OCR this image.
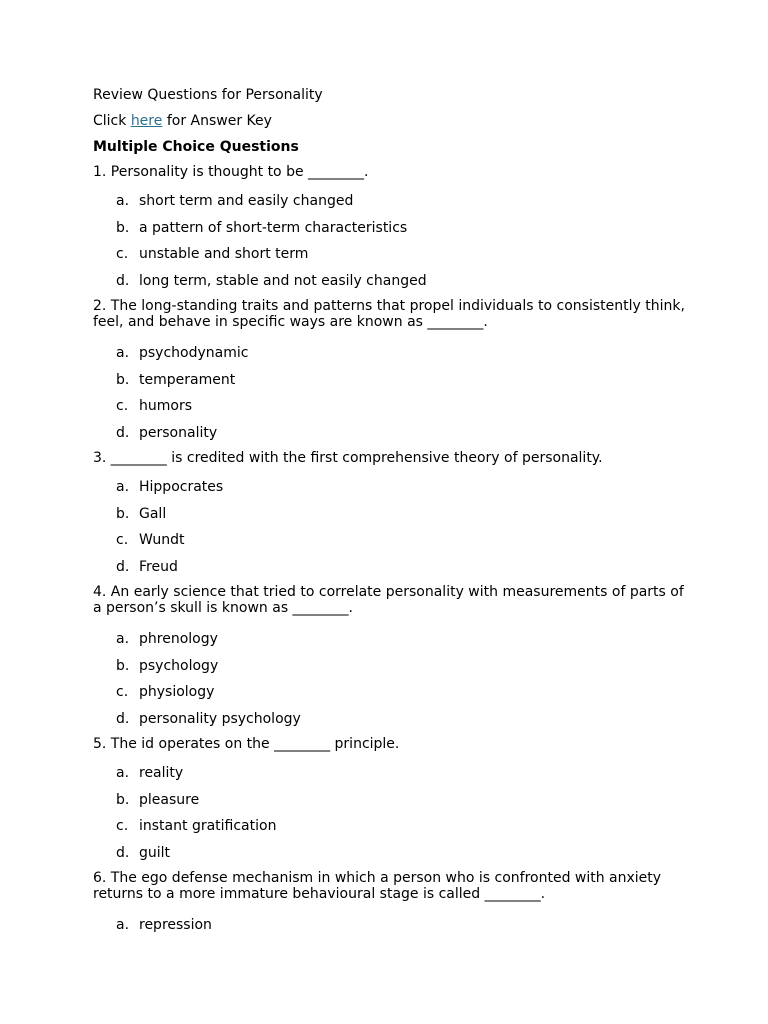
Review Questions for Personality
Click here for Answer Key
Multiple Choice Questions
1. Personality is thought to be ________.
a. short term and easily changed
b. a pattern of short-term characteristics
c. unstable and short term
d. long term, stable and not easily changed
2. The long-standing traits and patterns that propel individuals to consistently think, feel, and behave in specific ways are known as ________.
a. psychodynamic
b. temperament
c. humors
d. personality
3. ________ is credited with the first comprehensive theory of personality.
a. Hippocrates
b. Gall
c. Wundt
d. Freud
4. An early science that tried to correlate personality with measurements of parts of a person’s skull is known as ________.
a. phrenology
b. psychology
c. physiology
d. personality psychology
5. The id operates on the ________ principle.
a. reality
b. pleasure
c. instant gratification
d. guilt
6. The ego defense mechanism in which a person who is confronted with anxiety returns to a more immature behavioural stage is called ________.
a. repression
